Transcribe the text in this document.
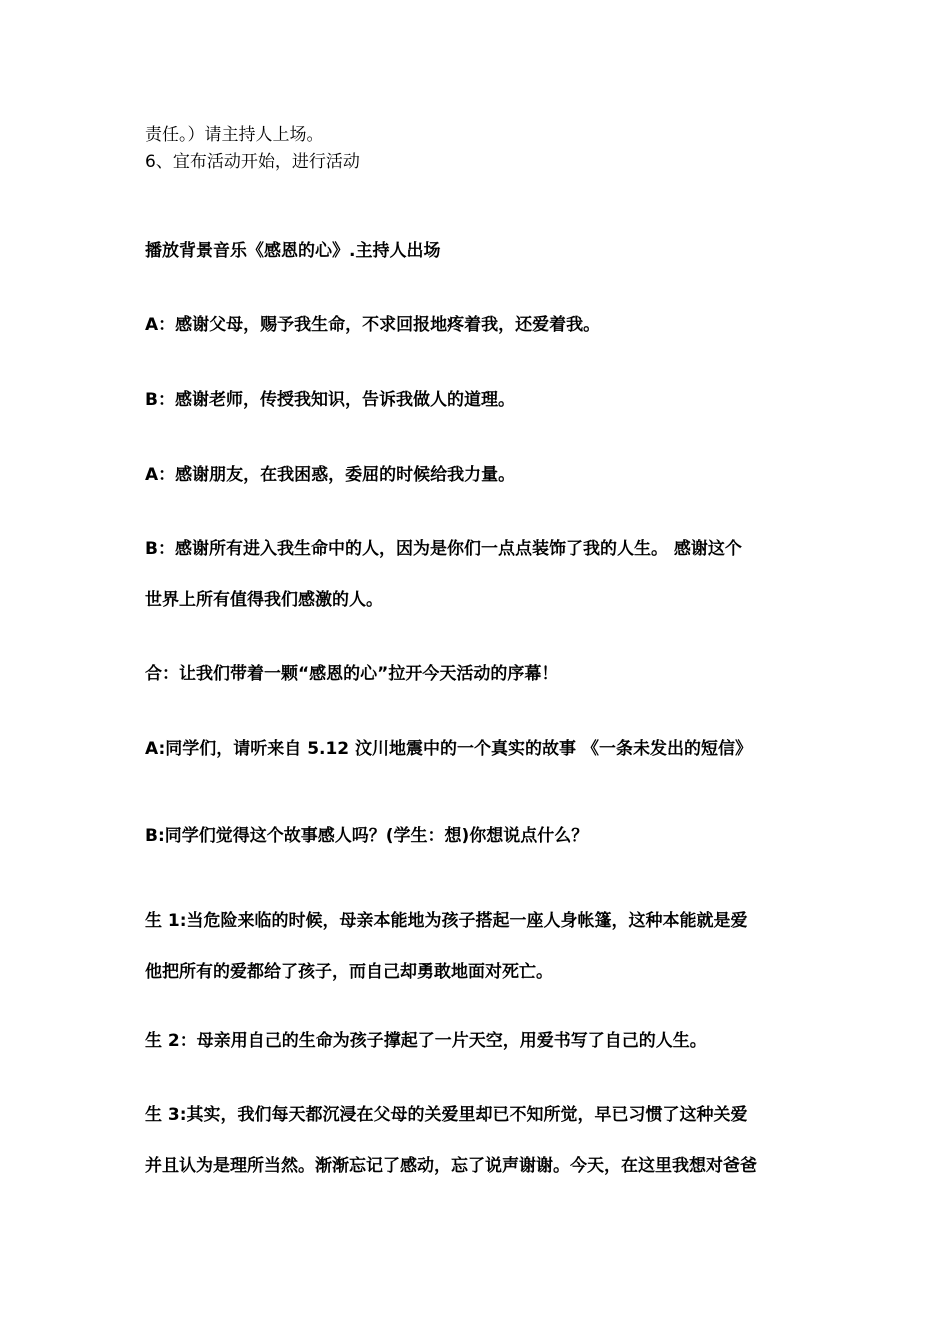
责任。）请主持人上场。
6、宜布活动开始，进行活动
播放背景音乐《感恩的心》.主持人出场
A：感谢父母，赐予我生命，不求回报地疼着我，还爱着我。
B：感谢老师，传授我知识，告诉我做人的道理。
A：感谢朋友，在我困惑，委屈的时候给我力量。
B：感谢所有进入我生命中的人，因为是你们一点点装饰了我的人生。 感谢这个
世界上所有值得我们感激的人。
合：让我们带着一颗“感恩的心”拉开今天活动的序幕！
A:同学们，请听来自 5.12 汶川地震中的一个真实的故事 《一条未发出的短信》
B:同学们觉得这个故事感人吗？(学生：想)你想说点什么？
生 1:当危险来临的时候，母亲本能地为孩子搭起一座人身帐篷，这种本能就是爱
他把所有的爱都给了孩子，而自己却勇敢地面对死亡。
生 2：母亲用自己的生命为孩子撑起了一片天空，用爱书写了自己的人生。
生 3:其实，我们每天都沉浸在父母的关爱里却已不知所觉，早已习惯了这种关爱
并且认为是理所当然。渐渐忘记了感动，忘了说声谢谢。今天，在这里我想对爸爸
